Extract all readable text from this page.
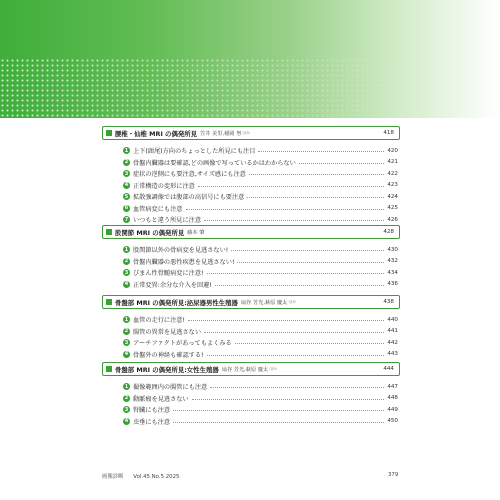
腰椎・仙椎 MRI の偶発所見 笠井 美里,稲岡 努 ほか	418
1 上下(頭尾)方向のちょっとした所見にも注目	420
2 骨盤内臓器は要確認,どの画像で写っているかはわからない	421
3 症状の逆側にも要注意,サイズ感にも注意	422
4 正常構造の変形に注意	423
5 拡散強調像では腹部の高信号にも要注意	424
6 血管病変にも注意	425
7 いつもと違う所見に注意	426
股関節 MRI の偶発所見 藤本 肇	428
1 股関節以外の骨病変を見逃さない!	430
2 骨盤内臓器の悪性疾患を見逃さない!	432
3 びまん性骨髄病変に注意!	434
4 正常変異:余分な介入を回避!	436
骨盤部 MRI の偶発所見:泌尿器男性生殖器 扇谷 芳光,萩原 慶太 ほか	438
1 血管の走行に注意!	440
2 腸管の異常を見逃さない	441
3 アーチファクトがあってもよくみる	442
4 骨盤外の神経も確認する!	443
骨盤部 MRI の偶発所見:女性生殖器 扇谷 芳光,萩原 慶太 ほか	444
1 撮像範囲内の腸管にも注意	447
2 動脈瘤を見逃さない	448
3 腎臓にも注意	449
4 虫垂にも注意	450
画像診断 Vol.45 No.5 2025	379
